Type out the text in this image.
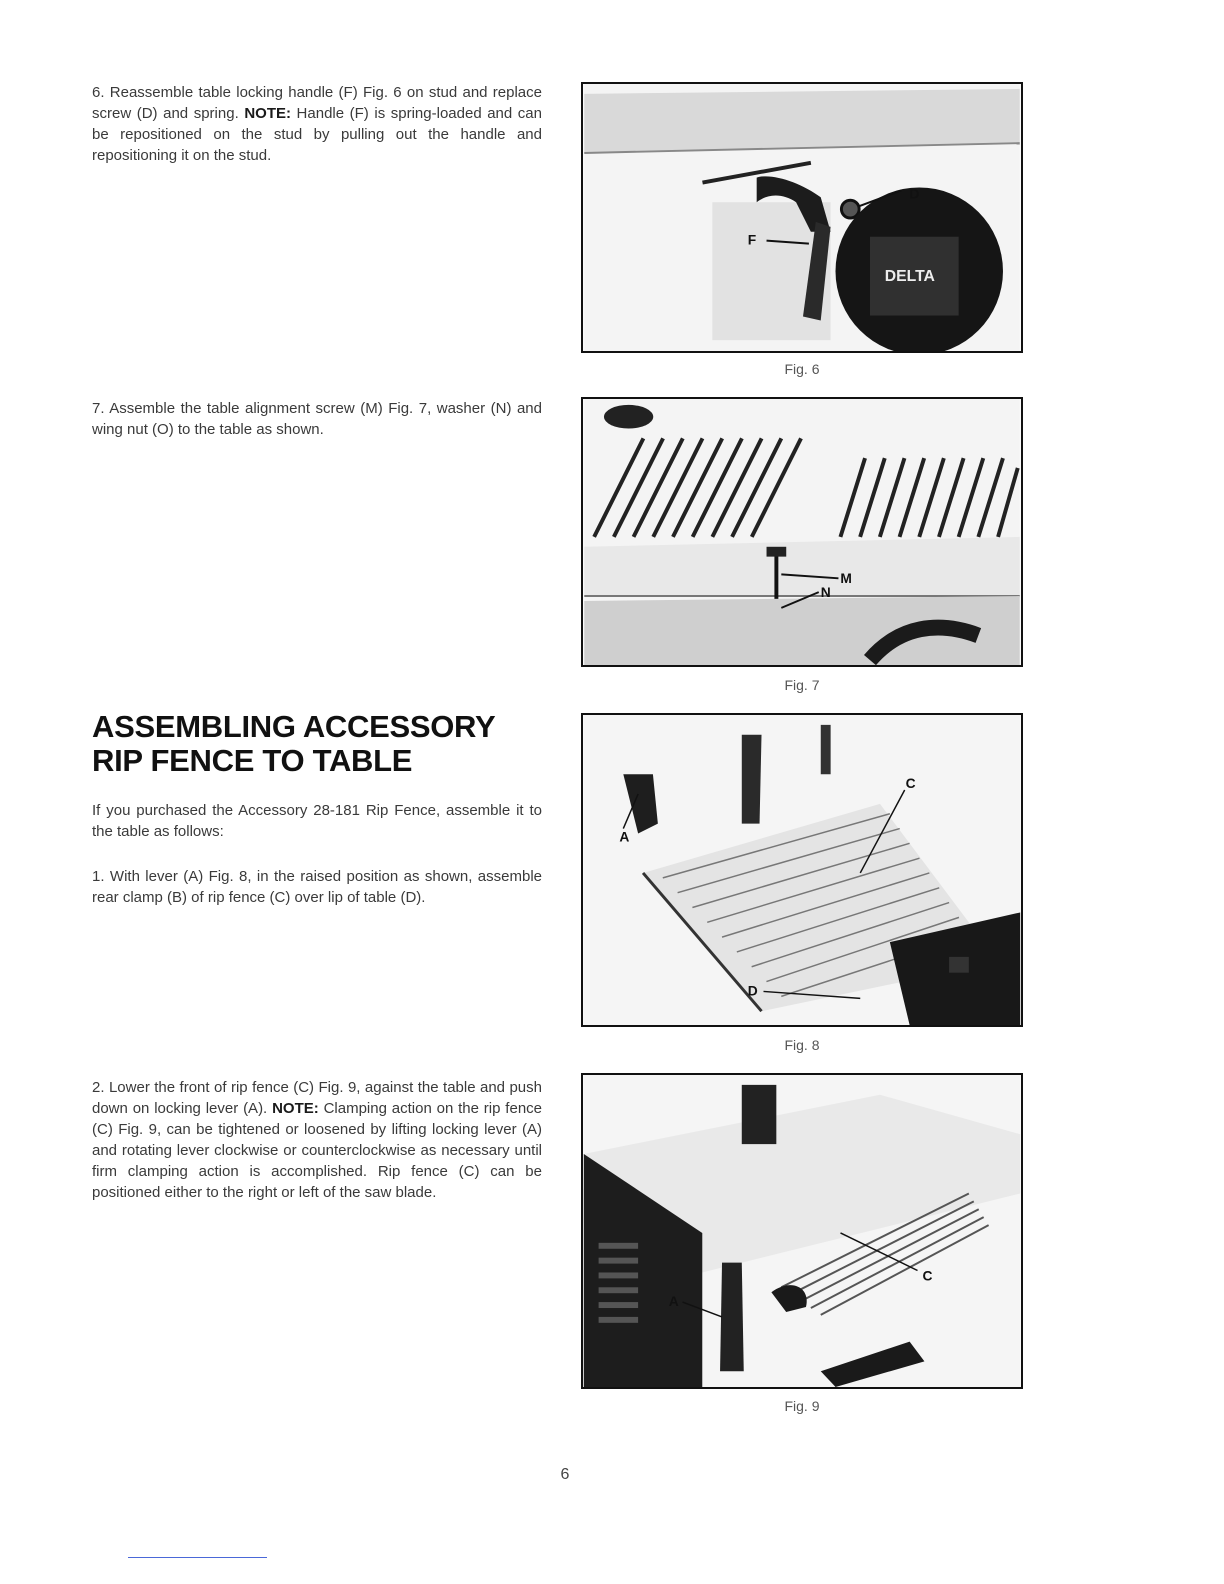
6. Reassemble table locking handle (F) Fig. 6 on stud and replace screw (D) and spring. NOTE: Handle (F) is spring-loaded and can be repositioned on the stud by pulling out the handle and repositioning it on the stud.

DELTA
D
F
Fig. 6

7. Assemble the table alignment screw (M) Fig. 7, washer (N) and wing nut (O) to the table as shown.

M
N
Fig. 7
ASSEMBLING ACCESSORY
RIP FENCE TO TABLE

If you purchased the Accessory 28-181 Rip Fence, assemble it to the table as follows:

1. With lever (A) Fig. 8, in the raised position as shown, assemble rear clamp (B) of rip fence (C) over lip of table (D).

A
C
D
Fig. 8

2. Lower the front of rip fence (C) Fig. 9, against the table and push down on locking lever (A). NOTE: Clamping action on the rip fence (C) Fig. 9, can be tightened or loosened by lifting locking lever (A) and rotating lever clockwise or counterclockwise as necessary until firm clamping action is accomplished. Rip fence (C) can be positioned either to the right or left of the saw blade.

A
C
Fig. 9
6
